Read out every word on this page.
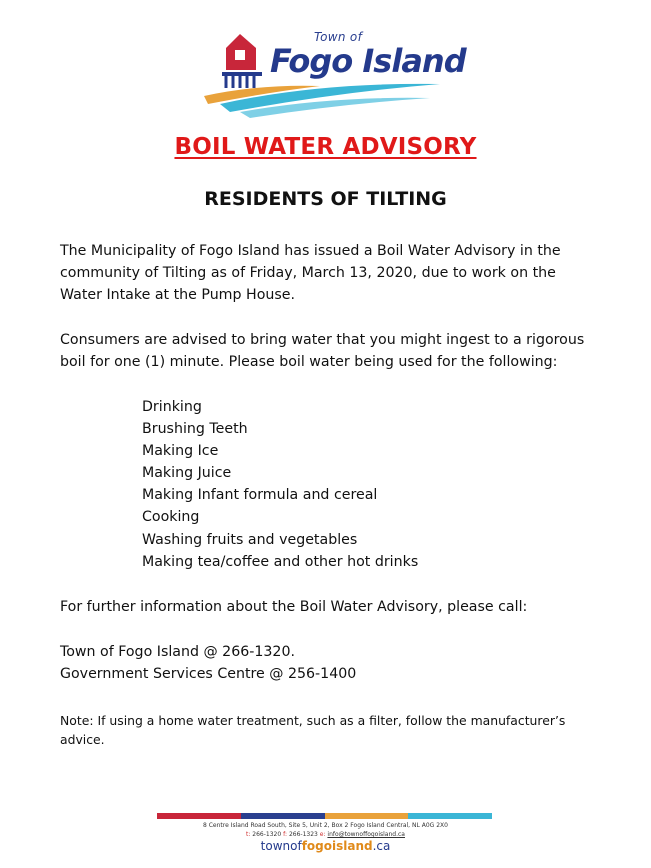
Town of
Fogo Island
BOIL WATER ADVISORY
RESIDENTS OF TILTING
The Municipality of Fogo Island has issued a Boil Water Advisory in the community of Tilting as of Friday, March 13, 2020, due to work on the Water Intake at the Pump House.
Consumers are advised to bring water that you might ingest to a rigorous boil for one (1) minute. Please boil water being used for the following:
Drinking
Brushing Teeth
Making Ice
Making Juice
Making Infant formula and cereal
Cooking
Washing fruits and vegetables
Making tea/coffee and other hot drinks
For further information about the Boil Water Advisory, please call:
Town of Fogo Island @ 266-1320.
Government Services Centre @ 256-1400
Note: If using a home water treatment, such as a filter, follow the manufacturer’s advice.
8 Centre Island Road South, Site 5, Unit 2, Box 2 Fogo Island Central, NL A0G 2X0
t: 266-1320 f: 266-1323 e: info@townoffogoisland.ca
townoffogoisland.ca
